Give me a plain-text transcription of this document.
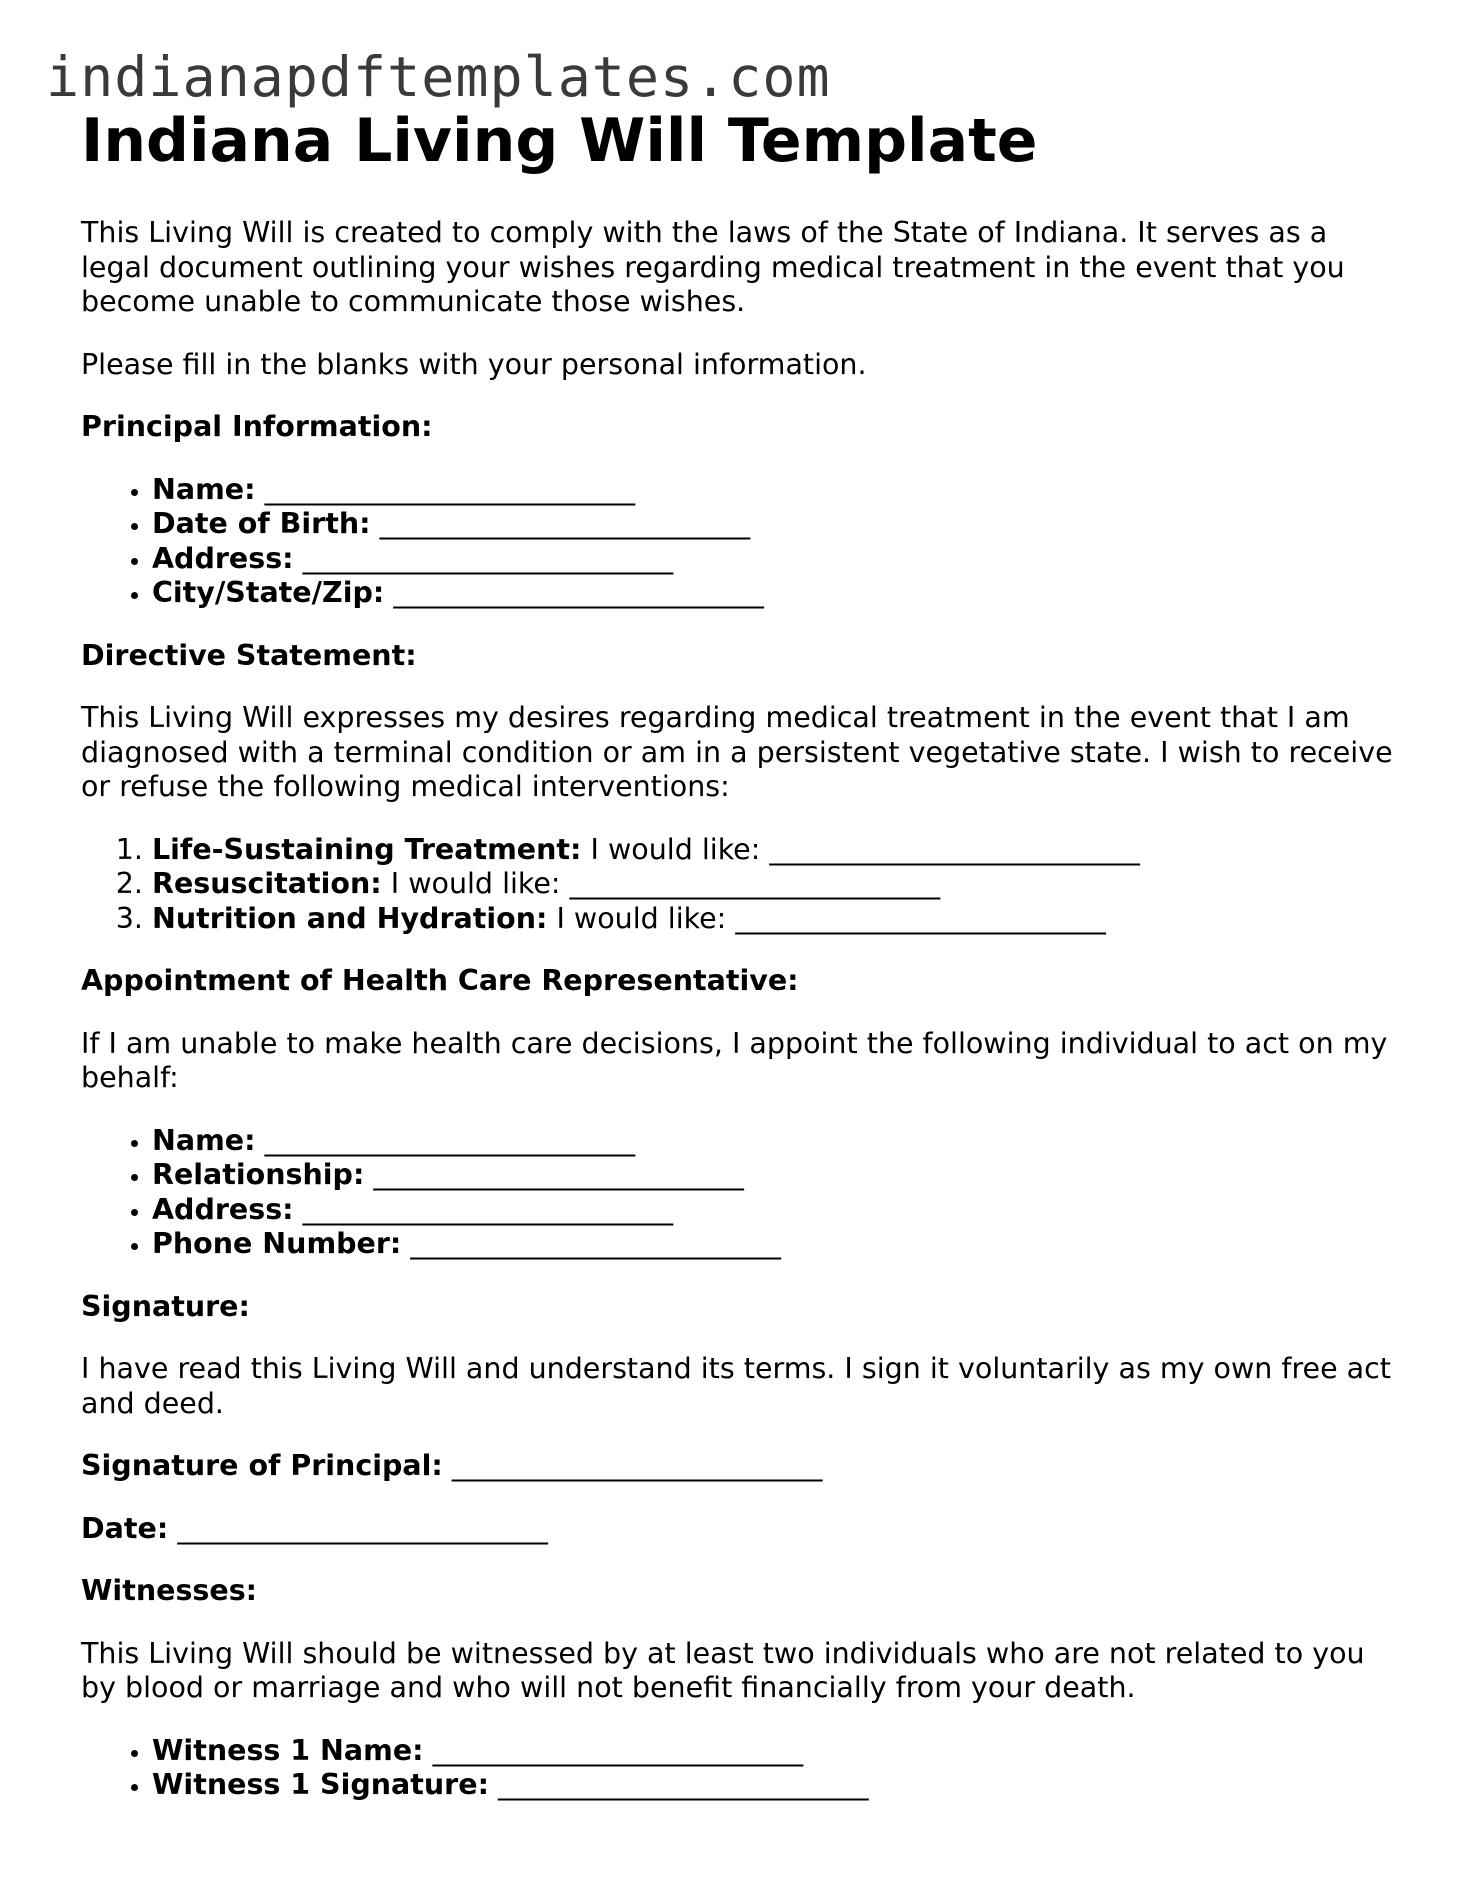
indianapdftemplates.com
Indiana Living Will Template

This Living Will is created to comply with the laws of the State of Indiana. It serves as a legal document outlining your wishes regarding medical treatment in the event that you become unable to communicate those wishes.

Please fill in the blanks with your personal information.

Principal Information:

• Name: __________________________
• Date of Birth: __________________________
• Address: __________________________
• City/State/Zip: __________________________

Directive Statement:

This Living Will expresses my desires regarding medical treatment in the event that I am diagnosed with a terminal condition or am in a persistent vegetative state. I wish to receive or refuse the following medical interventions:

1. Life-Sustaining Treatment: I would like: __________________________
2. Resuscitation: I would like: __________________________
3. Nutrition and Hydration: I would like: __________________________

Appointment of Health Care Representative:

If I am unable to make health care decisions, I appoint the following individual to act on my behalf:

• Name: __________________________
• Relationship: __________________________
• Address: __________________________
• Phone Number: __________________________

Signature:

I have read this Living Will and understand its terms. I sign it voluntarily as my own free act and deed.

Signature of Principal: __________________________

Date: __________________________

Witnesses:

This Living Will should be witnessed by at least two individuals who are not related to you by blood or marriage and who will not benefit financially from your death.

• Witness 1 Name: __________________________
• Witness 1 Signature: __________________________
